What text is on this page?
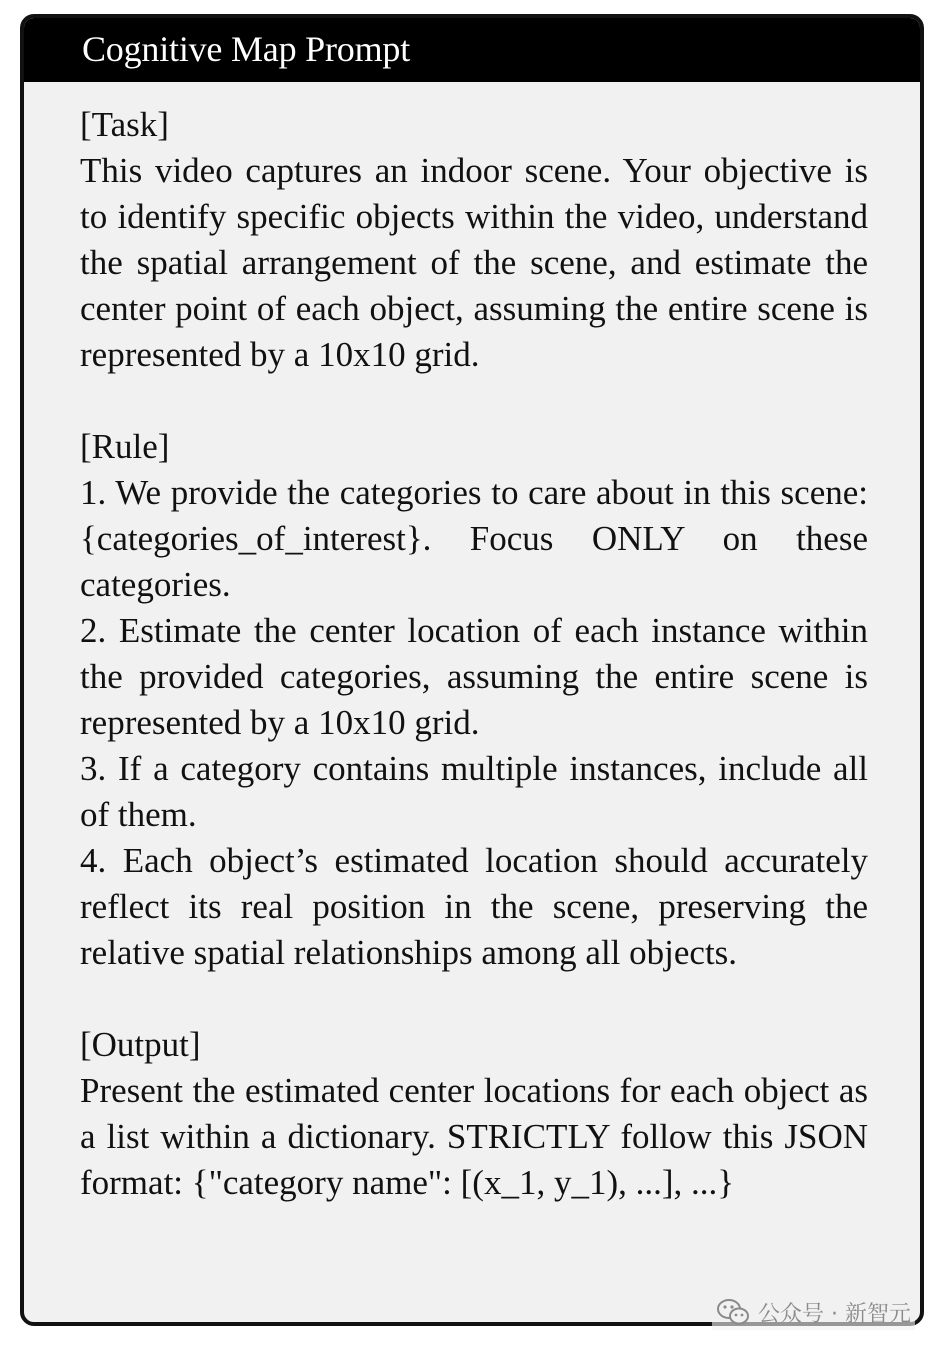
Cognitive Map Prompt
[Task]
This video captures an indoor scene. Your objective is to identify specific objects within the video, understand the spatial arrangement of the scene, and estimate the center point of each object, assuming the entire scene is represented by a 10x10 grid.
[Rule]
1. We provide the categories to care about in this scene: {categories_of_interest}. Focus ONLY on these categories.
2. Estimate the center location of each instance within the provided categories, assuming the entire scene is represented by a 10x10 grid.
3. If a category contains multiple instances, include all of them.
4. Each object’s estimated location should accurately reflect its real position in the scene, preserving the relative spatial relationships among all objects.
[Output]
Present the estimated center locations for each object as a list within a dictionary. STRICTLY follow this JSON format: {"category name": [(x_1, y_1), ...], ...}
公众号 · 新智元
